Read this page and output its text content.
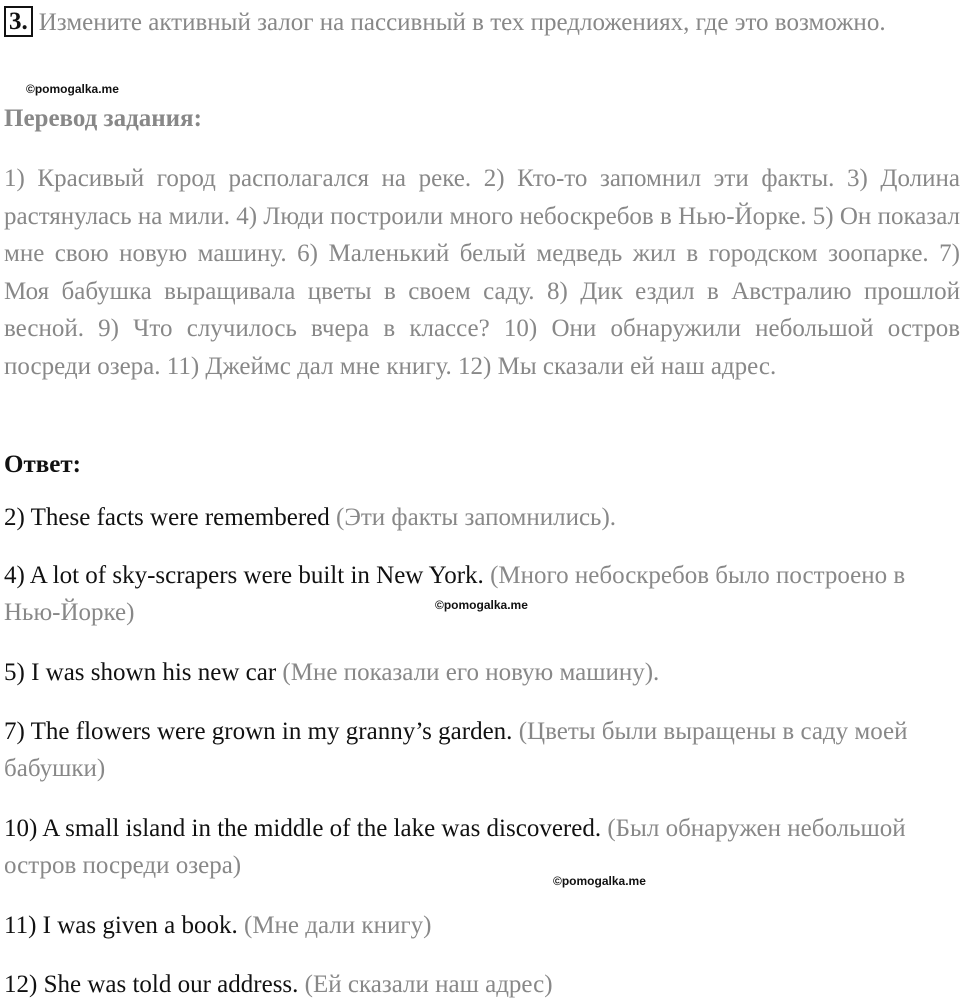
3. Измените активный залог на пассивный в тех предложениях, где это возможно.
©pomogalka.me
Перевод задания:
1) Красивый город располагался на реке. 2) Кто-то запомнил эти факты. 3) Долина растянулась на мили. 4) Люди построили много небоскребов в Нью-Йорке. 5) Он показал мне свою новую машину. 6) Маленький белый медведь жил в городском зоопарке. 7) Моя бабушка выращивала цветы в своем саду. 8) Дик ездил в Австралию прошлой весной. 9) Что случилось вчера в классе? 10) Они обнаружили небольшой остров посреди озера. 11) Джеймс дал мне книгу. 12) Мы сказали ей наш адрес.
Ответ:
2) These facts were remembered (Эти факты запомнились).
4) A lot of sky-scrapers were built in New York. (Много небоскребов было построено в Нью-Йорке)	©pomogalka.me
5) I was shown his new car (Мне показали его новую машину).
7) The flowers were grown in my granny’s garden. (Цветы были выращены в саду моей бабушки)
10) A small island in the middle of the lake was discovered. (Был обнаружен небольшой остров посреди озера)
©pomogalka.me
11) I was given a book. (Мне дали книгу)
12) She was told our address. (Ей сказали наш адрес)
